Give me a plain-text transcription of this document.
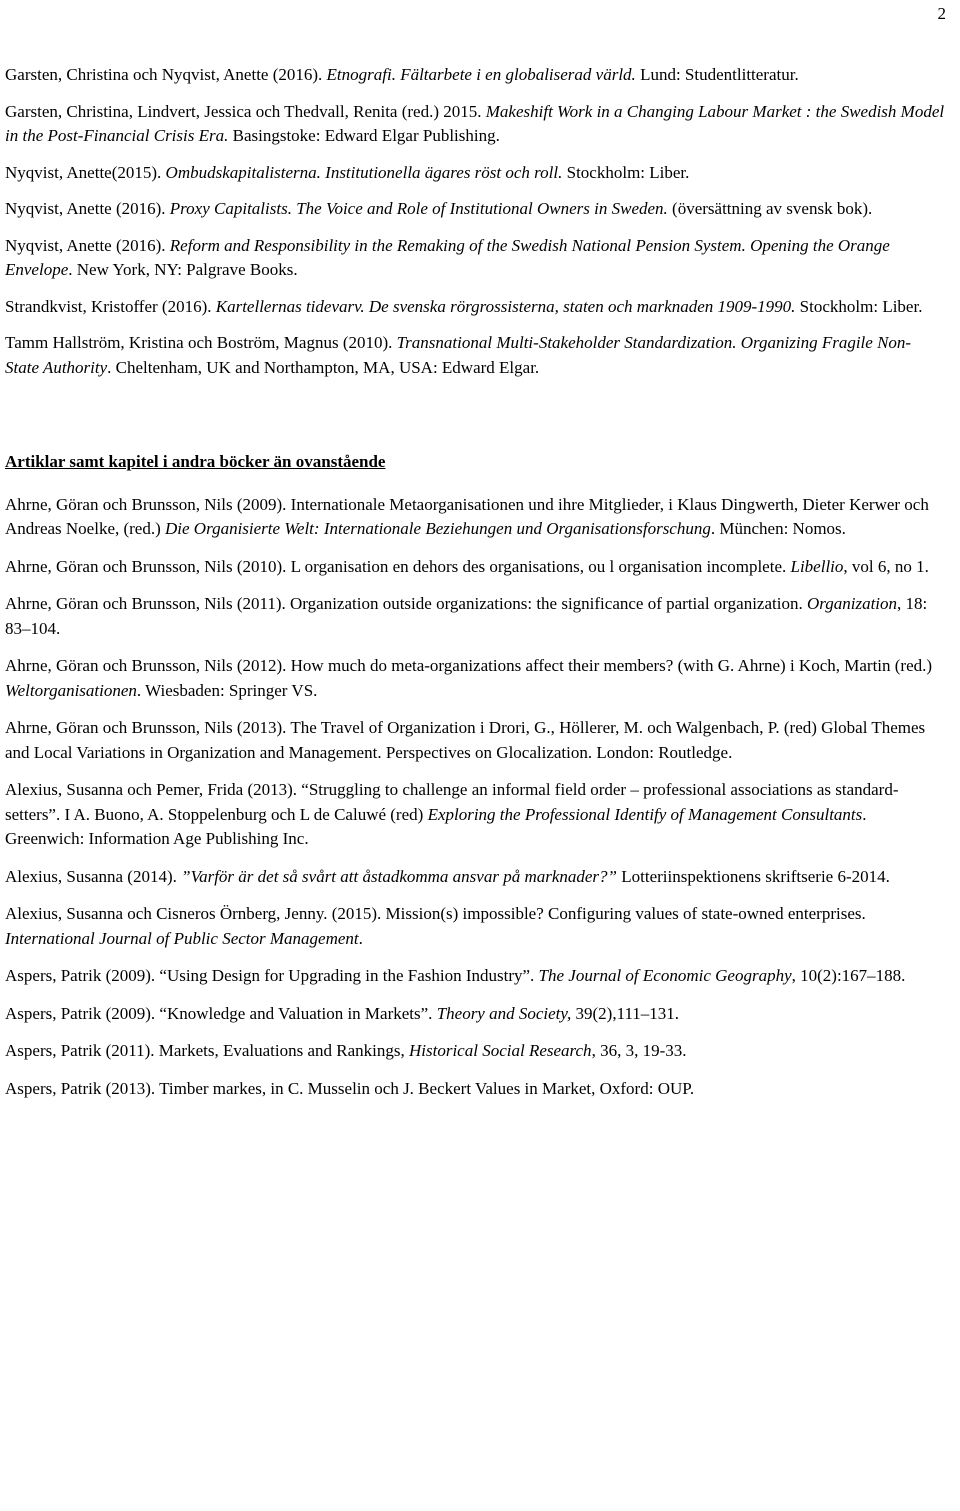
2
Garsten, Christina och Nyqvist, Anette (2016). Etnografi. Fältarbete i en globaliserad värld. Lund: Studentlitteratur.
Garsten, Christina, Lindvert, Jessica och Thedvall, Renita (red.) 2015. Makeshift Work in a Changing Labour Market : the Swedish Model in the Post-Financial Crisis Era. Basingstoke: Edward Elgar Publishing.
Nyqvist, Anette(2015). Ombudskapitalisterna. Institutionella ägares röst och roll. Stockholm: Liber.
Nyqvist, Anette (2016). Proxy Capitalists. The Voice and Role of Institutional Owners in Sweden. (översättning av svensk bok).
Nyqvist, Anette (2016). Reform and Responsibility in the Remaking of the Swedish National Pension System. Opening the Orange Envelope. New York, NY: Palgrave Books.
Strandkvist, Kristoffer (2016). Kartellernas tidevarv. De svenska rörgrossisterna, staten och marknaden 1909-1990. Stockholm: Liber.
Tamm Hallström, Kristina och Boström, Magnus (2010). Transnational Multi-Stakeholder Standardization. Organizing Fragile Non-State Authority. Cheltenham, UK and Northampton, MA, USA: Edward Elgar.
Artiklar samt kapitel i andra böcker än ovanstående
Ahrne, Göran och Brunsson, Nils (2009). Internationale Metaorganisationen und ihre Mitglieder, i Klaus Dingwerth, Dieter Kerwer och Andreas Noelke, (red.) Die Organisierte Welt: Internationale Beziehungen und Organisationsforschung. München: Nomos.
Ahrne, Göran och Brunsson, Nils (2010). L organisation en dehors des organisations, ou l organisation incomplete. Libellio, vol 6, no 1.
Ahrne, Göran och Brunsson, Nils (2011). Organization outside organizations: the significance of partial organization. Organization, 18: 83–104.
Ahrne, Göran och Brunsson, Nils (2012). How much do meta-organizations affect their members? (with G. Ahrne) i Koch, Martin (red.) Weltorganisationen. Wiesbaden: Springer VS.
Ahrne, Göran och Brunsson, Nils (2013). The Travel of Organization i Drori, G., Höllerer, M. och Walgenbach, P. (red) Global Themes and Local Variations in Organization and Management. Perspectives on Glocalization. London: Routledge.
Alexius, Susanna och Pemer, Frida (2013). “Struggling to challenge an informal field order – professional associations as standard-setters”. I A. Buono, A. Stoppelenburg och L de Caluwé (red) Exploring the Professional Identify of Management Consultants. Greenwich: Information Age Publishing Inc.
Alexius, Susanna (2014). ”Varför är det så svårt att åstadkomma ansvar på marknader?” Lotteriinspektionens skriftserie 6-2014.
Alexius, Susanna och Cisneros Örnberg, Jenny. (2015). Mission(s) impossible? Configuring values of state-owned enterprises. International Journal of Public Sector Management.
Aspers, Patrik (2009). “Using Design for Upgrading in the Fashion Industry”. The Journal of Economic Geography, 10(2):167–188.
Aspers, Patrik (2009). “Knowledge and Valuation in Markets”. Theory and Society, 39(2),111–131.
Aspers, Patrik (2011). Markets, Evaluations and Rankings, Historical Social Research, 36, 3, 19-33.
Aspers, Patrik (2013). Timber markes, in C. Musselin och J. Beckert Values in Market, Oxford: OUP.
